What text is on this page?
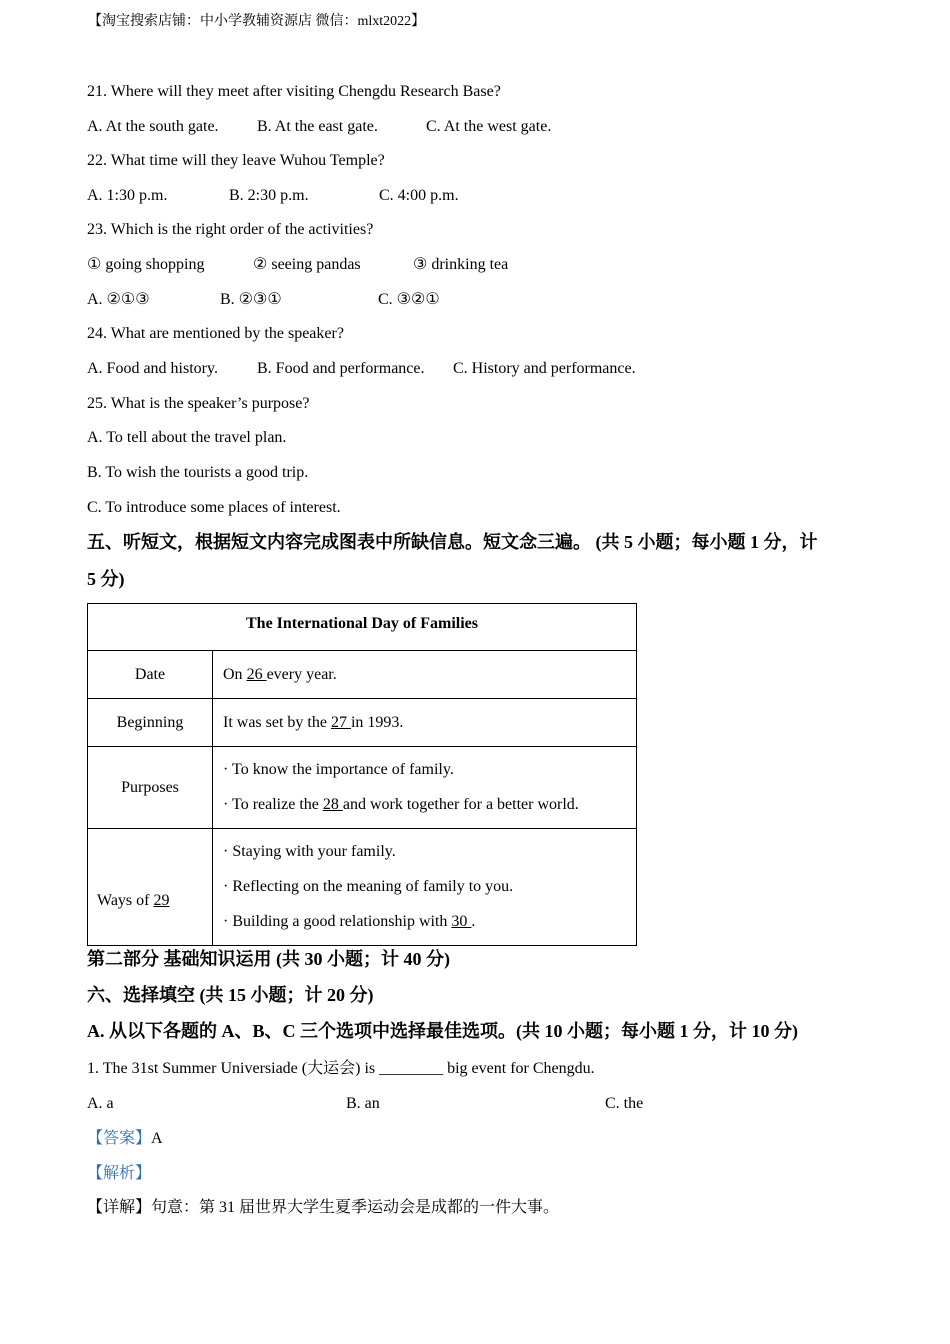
【淘宝搜索店铺：中小学教辅资源店 微信：mlxt2022】
21. Where will they meet after visiting Chengdu Research Base?
A. At the south gate. B. At the east gate.	C. At the west gate.
22. What time will they leave Wuhou Temple?
A. 1:30 p.m.	B. 2:30 p.m.	C. 4:00 p.m.
23. Which is the right order of the activities?
① going shopping	② seeing pandas	③ drinking tea
A. ②①③	B. ②③①	C. ③②①
24. What are mentioned by the speaker?
A. Food and history. B. Food and performance. C. History and performance.
25. What is the speaker’s purpose?
A. To tell about the travel plan.
B. To wish the tourists a good trip.
C. To introduce some places of interest.
五、听短文，根据短文内容完成图表中所缺信息。短文念三遍。 (共 5 小题；每小题 1 分，计
5 分)
The International Day of Families	
Date	On 26 every year.

Beginning	It was set by the 27 in 1993.

Purposes	· To know the importance of family.
· To realize the 28 and work together for a better world.

Ways of 29	· Staying with your family.
· Reflecting on the meaning of family to you.
· Building a good relationship with 30 .
第二部分 基础知识运用 (共 30 小题；计 40 分)
六、选择填空 (共 15 小题；计 20 分)
A. 从以下各题的 A、B、C 三个选项中选择最佳选项。(共 10 小题；每小题 1 分，计 10 分)
1. The 31st Summer Universiade (大运会) is ________ big event for Chengdu.
A. a	B. an	C. the
【答案】A
【解析】
【详解】句意：第 31 届世界大学生夏季运动会是成都的一件大事。
